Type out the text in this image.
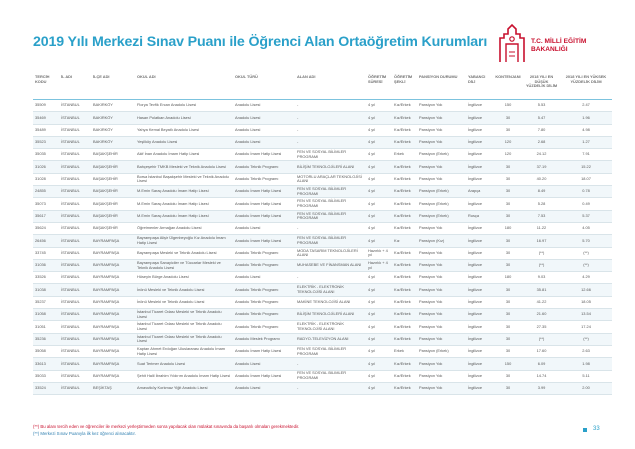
2019 Yılı Merkezi Sınav Puanı ile Öğrenci Alan Ortaöğretim Kurumları	T.C. MİLLİ EĞİTİM
BAKANLIĞI
TERCİH KODU	İL ADI	İLÇE ADI	OKUL ADI	OKUL TÜRÜ	ALAN ADI	ÖĞRETİM SÜRESİ	ÖĞRETİM ŞEKLİ	PANSİYON DURUMU	YABANCI DİLİ	KONTENJANI	2018 YILI EN DÜŞÜK YÜZDELİK DİLİM	2018 YILI EN YÜKSEK YÜZDELİK DİLİM
35509	İSTANBUL	BAKIRKÖY	Florya Tevfik Ercan Anadolu Lisesi	Anadolu Lisesi	-	4 yıl	Kız/Erkek	Pansiyon Yok	İngilizce	150	5.53	2.47
35469	İSTANBUL	BAKIRKÖY	Hasan Polatkan Anadolu Lisesi	Anadolu Lisesi	-	4 yıl	Kız/Erkek	Pansiyon Yok	İngilizce	30	5.47	1.96
35489	İSTANBUL	BAKIRKÖY	Yahya Kemal Beyatlı Anadolu Lisesi	Anadolu Lisesi	-	4 yıl	Kız/Erkek	Pansiyon Yok	İngilizce	30	7.80	4.98
35523	İSTANBUL	BAKIRKÖY	Yeşilköy Anadolu Lisesi	Anadolu Lisesi	-	4 yıl	Kız/Erkek	Pansiyon Yok	İngilizce	120	2.68	1.27
35035	İSTANBUL	BAŞAKŞEHİR	Akif İnan Anadolu İmam Hatip Lisesi	Anadolu İmam Hatip Lisesi	FEN VE SOSYAL BİLİMLER PROGRAMI	4 yıl	Erkek	Pansiyon (Erkek)	İngilizce	120	24.12	7.91
31026	İSTANBUL	BAŞAKŞEHİR	Bahçeşehir TMKB Mesleki ve Teknik Anadolu Lisesi	Anadolu Teknik Programı	BİLİŞİM TEKNOLOJİLERİ ALANI	4 yıl	Kız/Erkek	Pansiyon Yok	İngilizce	30	37.19	15.22
31028	İSTANBUL	BAŞAKŞEHİR	Borsa İstanbul Başakşehir Mesleki ve Teknik Anadolu Lisesi	Anadolu Teknik Programı	MOTORLU ARAÇLAR TEKNOLOJİSİ ALANI	4 yıl	Kız/Erkek	Pansiyon Yok	İngilizce	30	40.20	18.07
24855	İSTANBUL	BAŞAKŞEHİR	M.Emin Saraç Anadolu İmam Hatip Lisesi	Anadolu İmam Hatip Lisesi	FEN VE SOSYAL BİLİMLER PROGRAMI	4 yıl	Kız/Erkek	Pansiyon (Erkek)	Arapça	30	8.49	0.78
35073	İSTANBUL	BAŞAKŞEHİR	M.Emin Saraç Anadolu İmam Hatip Lisesi	Anadolu İmam Hatip Lisesi	FEN VE SOSYAL BİLİMLER PROGRAMI	4 yıl	Kız/Erkek	Pansiyon (Erkek)	İngilizce	30	5.28	0.49
35617	İSTANBUL	BAŞAKŞEHİR	M.Emin Saraç Anadolu İmam Hatip Lisesi	Anadolu İmam Hatip Lisesi	FEN VE SOSYAL BİLİMLER PROGRAMI	4 yıl	Kız/Erkek	Pansiyon (Erkek)	Rusça	30	7.53	5.37
35624	İSTANBUL	BAŞAKŞEHİR	Öğretmenler Armağan Anadolu Lisesi	Anadolu Lisesi	-	4 yıl	Kız/Erkek	Pansiyon Yok	İngilizce	180	11.22	4.05
26456	İSTANBUL	BAYRAMPAŞA	Bayrampaşa Alişir Ülgenbeyoğlu Kız Anadolu İmam Hatip Lisesi	Anadolu İmam Hatip Lisesi	FEN VE SOSYAL BİLİMLER PROGRAMI	4 yıl	Kız	Pansiyon (Kız)	İngilizce	30	16.97	5.70
33745	İSTANBUL	BAYRAMPAŞA	Bayrampaşa Mesleki ve Teknik Anadolu Lisesi	Anadolu Teknik Programı	MODA TASARIM TEKNOLOJİLERİ ALANI	Hazırlık + 4 yıl	Kız/Erkek	Pansiyon Yok	İngilizce	30	(**)	(**)
31036	İSTANBUL	BAYRAMPAŞA	Bayrampaşa Sanayiciler ve Tüccarlar Mesleki ve Teknik Anadolu Lisesi	Anadolu Teknik Programı	MUHASEBE VE FİNANSMAN ALANI	Hazırlık + 4 yıl	Kız/Erkek	Pansiyon Yok	İngilizce	30	(**)	(**)
33526	İSTANBUL	BAYRAMPAŞA	Hüseyin Bürge Anadolu Lisesi	Anadolu Lisesi	-	4 yıl	Kız/Erkek	Pansiyon Yok	İngilizce	180	9.03	4.29
31038	İSTANBUL	BAYRAMPAŞA	İnönü Mesleki ve Teknik Anadolu Lisesi	Anadolu Teknik Programı	ELEKTRİK - ELEKTRONİK TEKNOLOJİSİ ALANI	4 yıl	Kız/Erkek	Pansiyon Yok	İngilizce	30	35.81	12.66
35237	İSTANBUL	BAYRAMPAŞA	İnönü Mesleki ve Teknik Anadolu Lisesi	Anadolu Teknik Programı	MAKİNE TEKNOLOJİSİ ALANI	4 yıl	Kız/Erkek	Pansiyon Yok	İngilizce	30	41.22	18.05
31058	İSTANBUL	BAYRAMPAŞA	İstanbul Ticaret Odası Mesleki ve Teknik Anadolu Lisesi	Anadolu Teknik Programı	BİLİŞİM TEKNOLOJİLERİ ALANI	4 yıl	Kız/Erkek	Pansiyon Yok	İngilizce	30	21.60	13.54
31051	İSTANBUL	BAYRAMPAŞA	İstanbul Ticaret Odası Mesleki ve Teknik Anadolu Lisesi	Anadolu Teknik Programı	ELEKTRİK - ELEKTRONİK TEKNOLOJİSİ ALANI	4 yıl	Kız/Erkek	Pansiyon Yok	İngilizce	30	27.35	17.24
35236	İSTANBUL	BAYRAMPAŞA	İstanbul Ticaret Odası Mesleki ve Teknik Anadolu Lisesi	Anadolu Meslek Programı	RADYO-TELEVİZYON ALANI	4 yıl	Kız/Erkek	Pansiyon Yok	İngilizce	30	(**)	(**)
35058	İSTANBUL	BAYRAMPAŞA	Kaptan Ahmet Erdoğan Uluslararası Anadolu İmam Hatip Lisesi	Anadolu İmam Hatip Lisesi	FEN VE SOSYAL BİLİMLER PROGRAMI	4 yıl	Erkek	Pansiyon (Erkek)	İngilizce	30	17.60	2.63
33613	İSTANBUL	BAYRAMPAŞA	Suat Terimer Anadolu Lisesi	Anadolu Lisesi	-	4 yıl	Kız/Erkek	Pansiyon Yok	İngilizce	150	6.09	1.98
35033	İSTANBUL	BAYRAMPAŞA	Şehit Halil İbrahim Yıldırım Anadolu İmam Hatip Lisesi	Anadolu İmam Hatip Lisesi	FEN VE SOSYAL BİLİMLER PROGRAMI	4 yıl	Kız/Erkek	Pansiyon Yok	İngilizce	30	14.74	5.11
33524	İSTANBUL	BEŞİKTAŞ	Arnavutköy Korkmaz Yiğit Anadolu Lisesi	Anadolu Lisesi	-	4 yıl	Kız/Erkek	Pansiyon Yok	İngilizce	30	3.99	2.00
(**) Bu alanı tercih eden ve öğrenciler ile merkezi yerleştirmeden sonra yapılacak olan mülakat sınavında da başarılı olmaları gerekmektedir.
(**) Merkezi Sınav Puanıyla ilk kez öğrenci alınacaktır.
33
